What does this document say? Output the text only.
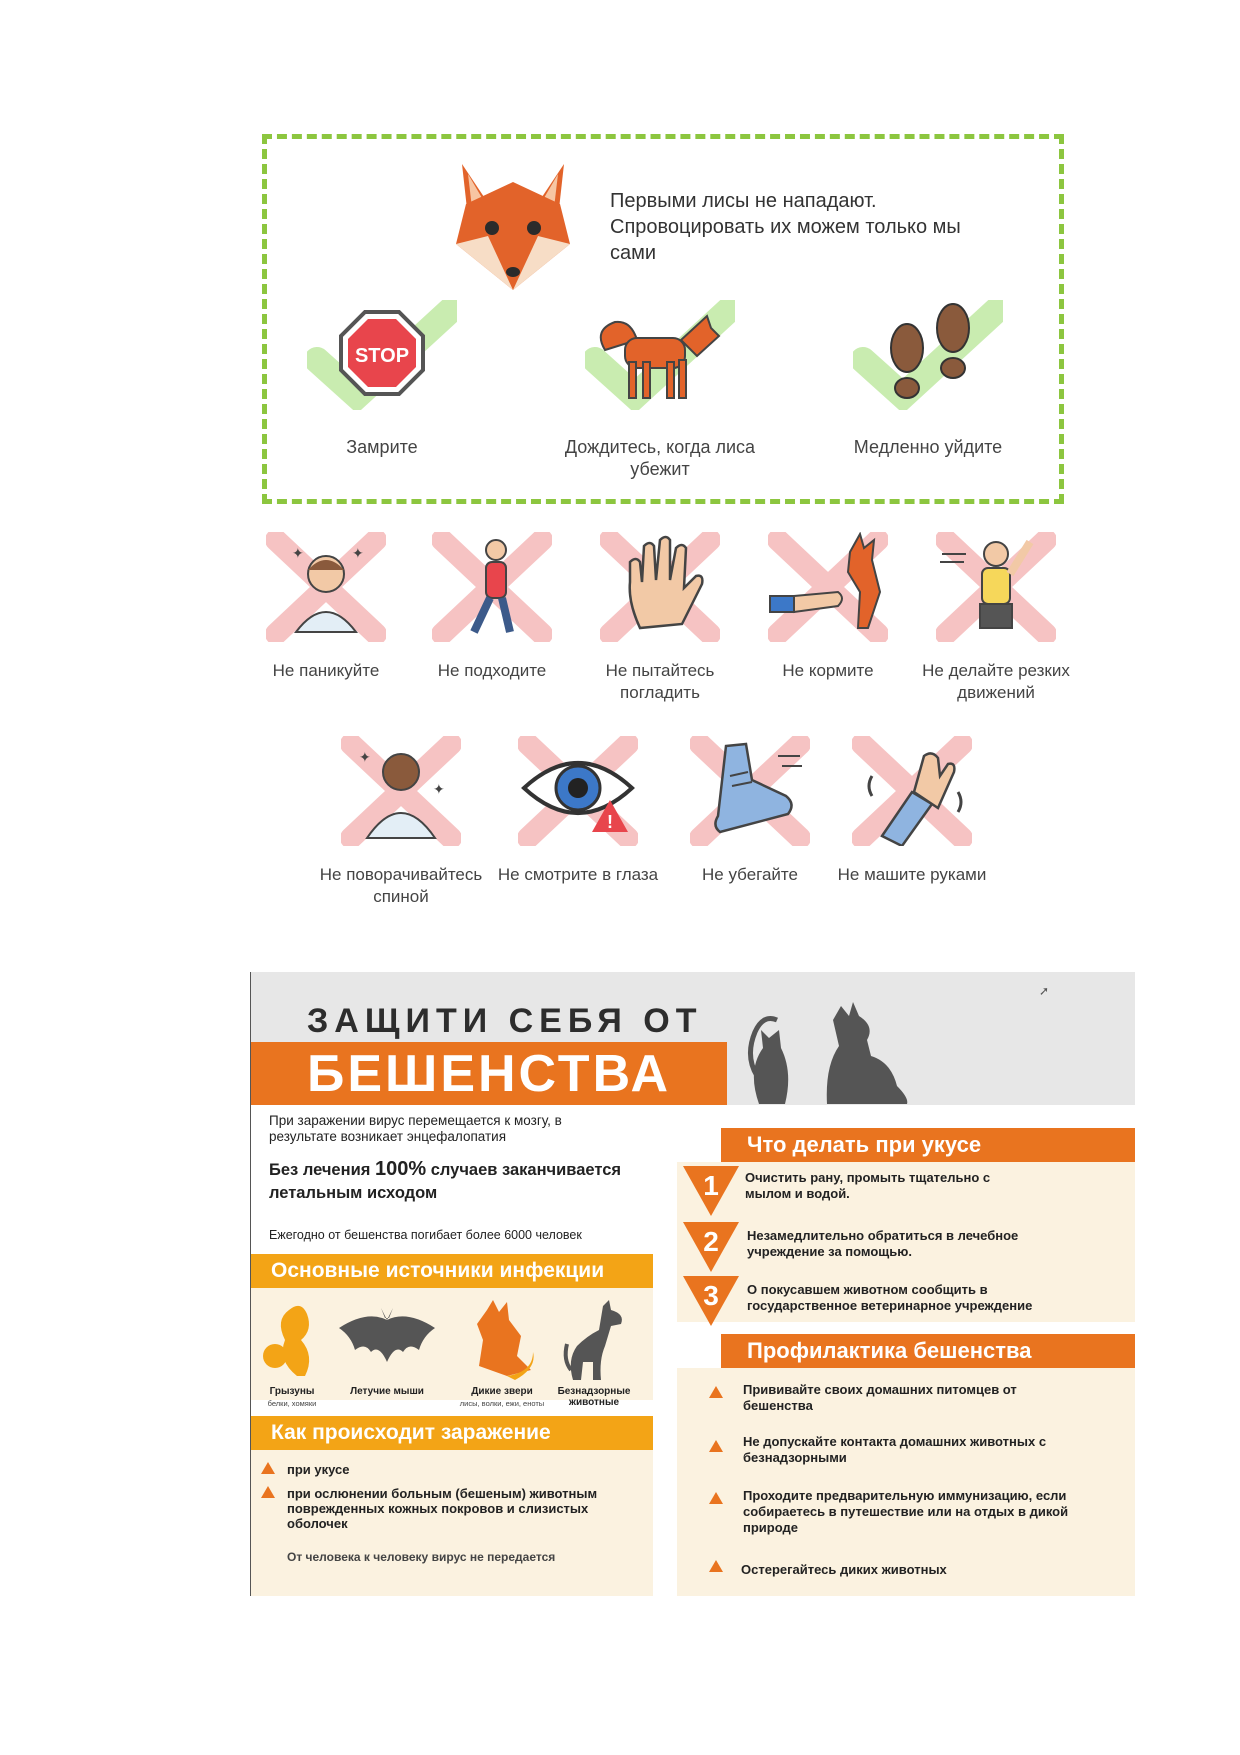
Первыми лисы не нападают. Спровоцировать их можем только мы сами
STOP
Замрите	Дождитесь, когда лиса убежит
Медленно уйдите
✦	✦
Не паникуйте	Не подходите	Не пытайтесь погладить
Не кормите	Не делайте резких движений
✦
✦
Не поворачивайтесь спиной
!
Не смотрите в глаза	Не убегайте	Не машите руками
ЗАЩИТИ СЕБЯ ОТ
БЕШЕНСТВА
➚
При заражении вирус перемещается к мозгу, в результате возникает энцефалопатия
Без лечения 100% случаев заканчивается летальным исходом
Ежегодно от бешенства погибает более 6000 человек
Основные источники инфекции
Грызуны
белки, хомяки
Летучие мыши	Дикие звери
лисы, волки, ежи, еноты
Безнадзорные животные
Как происходит заражение
при укусе
при ослюнении больным (бешеным) животным поврежденных кожных покровов и слизистых оболочек
От человека к человеку вирус не передается
Что делать при укусе
1	Очистить рану, промыть тщательно с мылом и водой.
2	Незамедлительно обратиться в лечебное учреждение за помощью.
3	О покусавшем животном сообщить в государственное ветеринарное учреждение
Профилактика бешенства
Прививайте своих домашних питомцев от бешенства
Не допускайте контакта домашних животных с безнадзорными
Проходите предварительную иммунизацию, если собираетесь в путешествие или на отдых в дикой природе
Остерегайтесь диких животных
